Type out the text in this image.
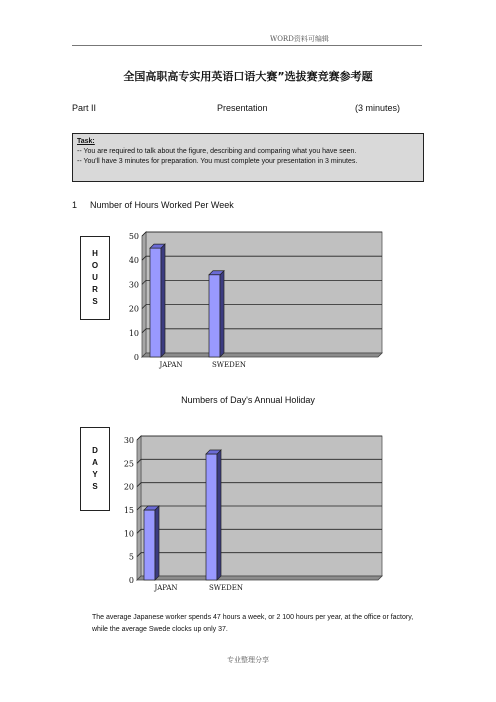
WORD资料可编辑
全国高职高专实用英语口语大赛”选拔赛竞赛参考题
Part II	Presentation	(3 minutes)
Task:
-- You are required to talk about the figure, describing and comparing what you have seen.
-- You'll have 3 minutes for preparation. You must complete your presentation in 3 minutes.
1 Number of Hours Worked Per Week
H
O
U
R
S
D
A
Y
S
Numbers of Day's Annual Holiday
0
10
20
30
40
50
JAPAN	SWEDEN
0
5
10
15
20
25
30
JAPAN	SWEDEN
The average Japanese worker spends 47 hours a week, or 2 100 hours per year, at the office or factory, while the average Swede clocks up only 37.
专业整理分享
